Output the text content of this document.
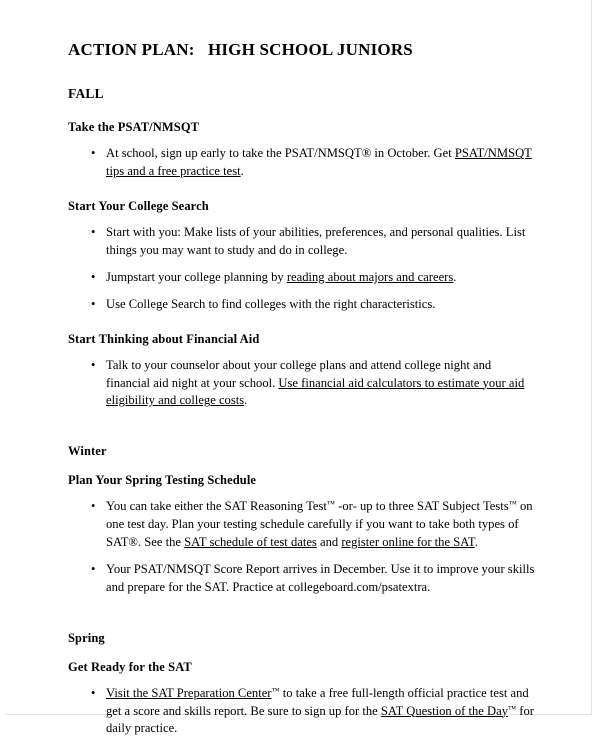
ACTION PLAN:   HIGH SCHOOL JUNIORS
FALL
Take the PSAT/NMSQT
• At school, sign up early to take the PSAT/NMSQT® in October. Get PSAT/NMSQT tips and a free practice test.
Start Your College Search
• Start with you: Make lists of your abilities, preferences, and personal qualities. List things you may want to study and do in college.
• Jumpstart your college planning by reading about majors and careers.
• Use College Search to find colleges with the right characteristics.
Start Thinking about Financial Aid
• Talk to your counselor about your college plans and attend college night and financial aid night at your school. Use financial aid calculators to estimate your aid eligibility and college costs.
Winter
Plan Your Spring Testing Schedule
• You can take either the SAT Reasoning Test™ -or- up to three SAT Subject Tests™ on one test day. Plan your testing schedule carefully if you want to take both types of SAT®. See the SAT schedule of test dates and register online for the SAT.
• Your PSAT/NMSQT Score Report arrives in December. Use it to improve your skills and prepare for the SAT. Practice at collegeboard.com/psatextra.
Spring
Get Ready for the SAT
• Visit the SAT Preparation Center™ to take a free full-length official practice test and get a score and skills report. Be sure to sign up for the SAT Question of the Day™ for daily practice.
